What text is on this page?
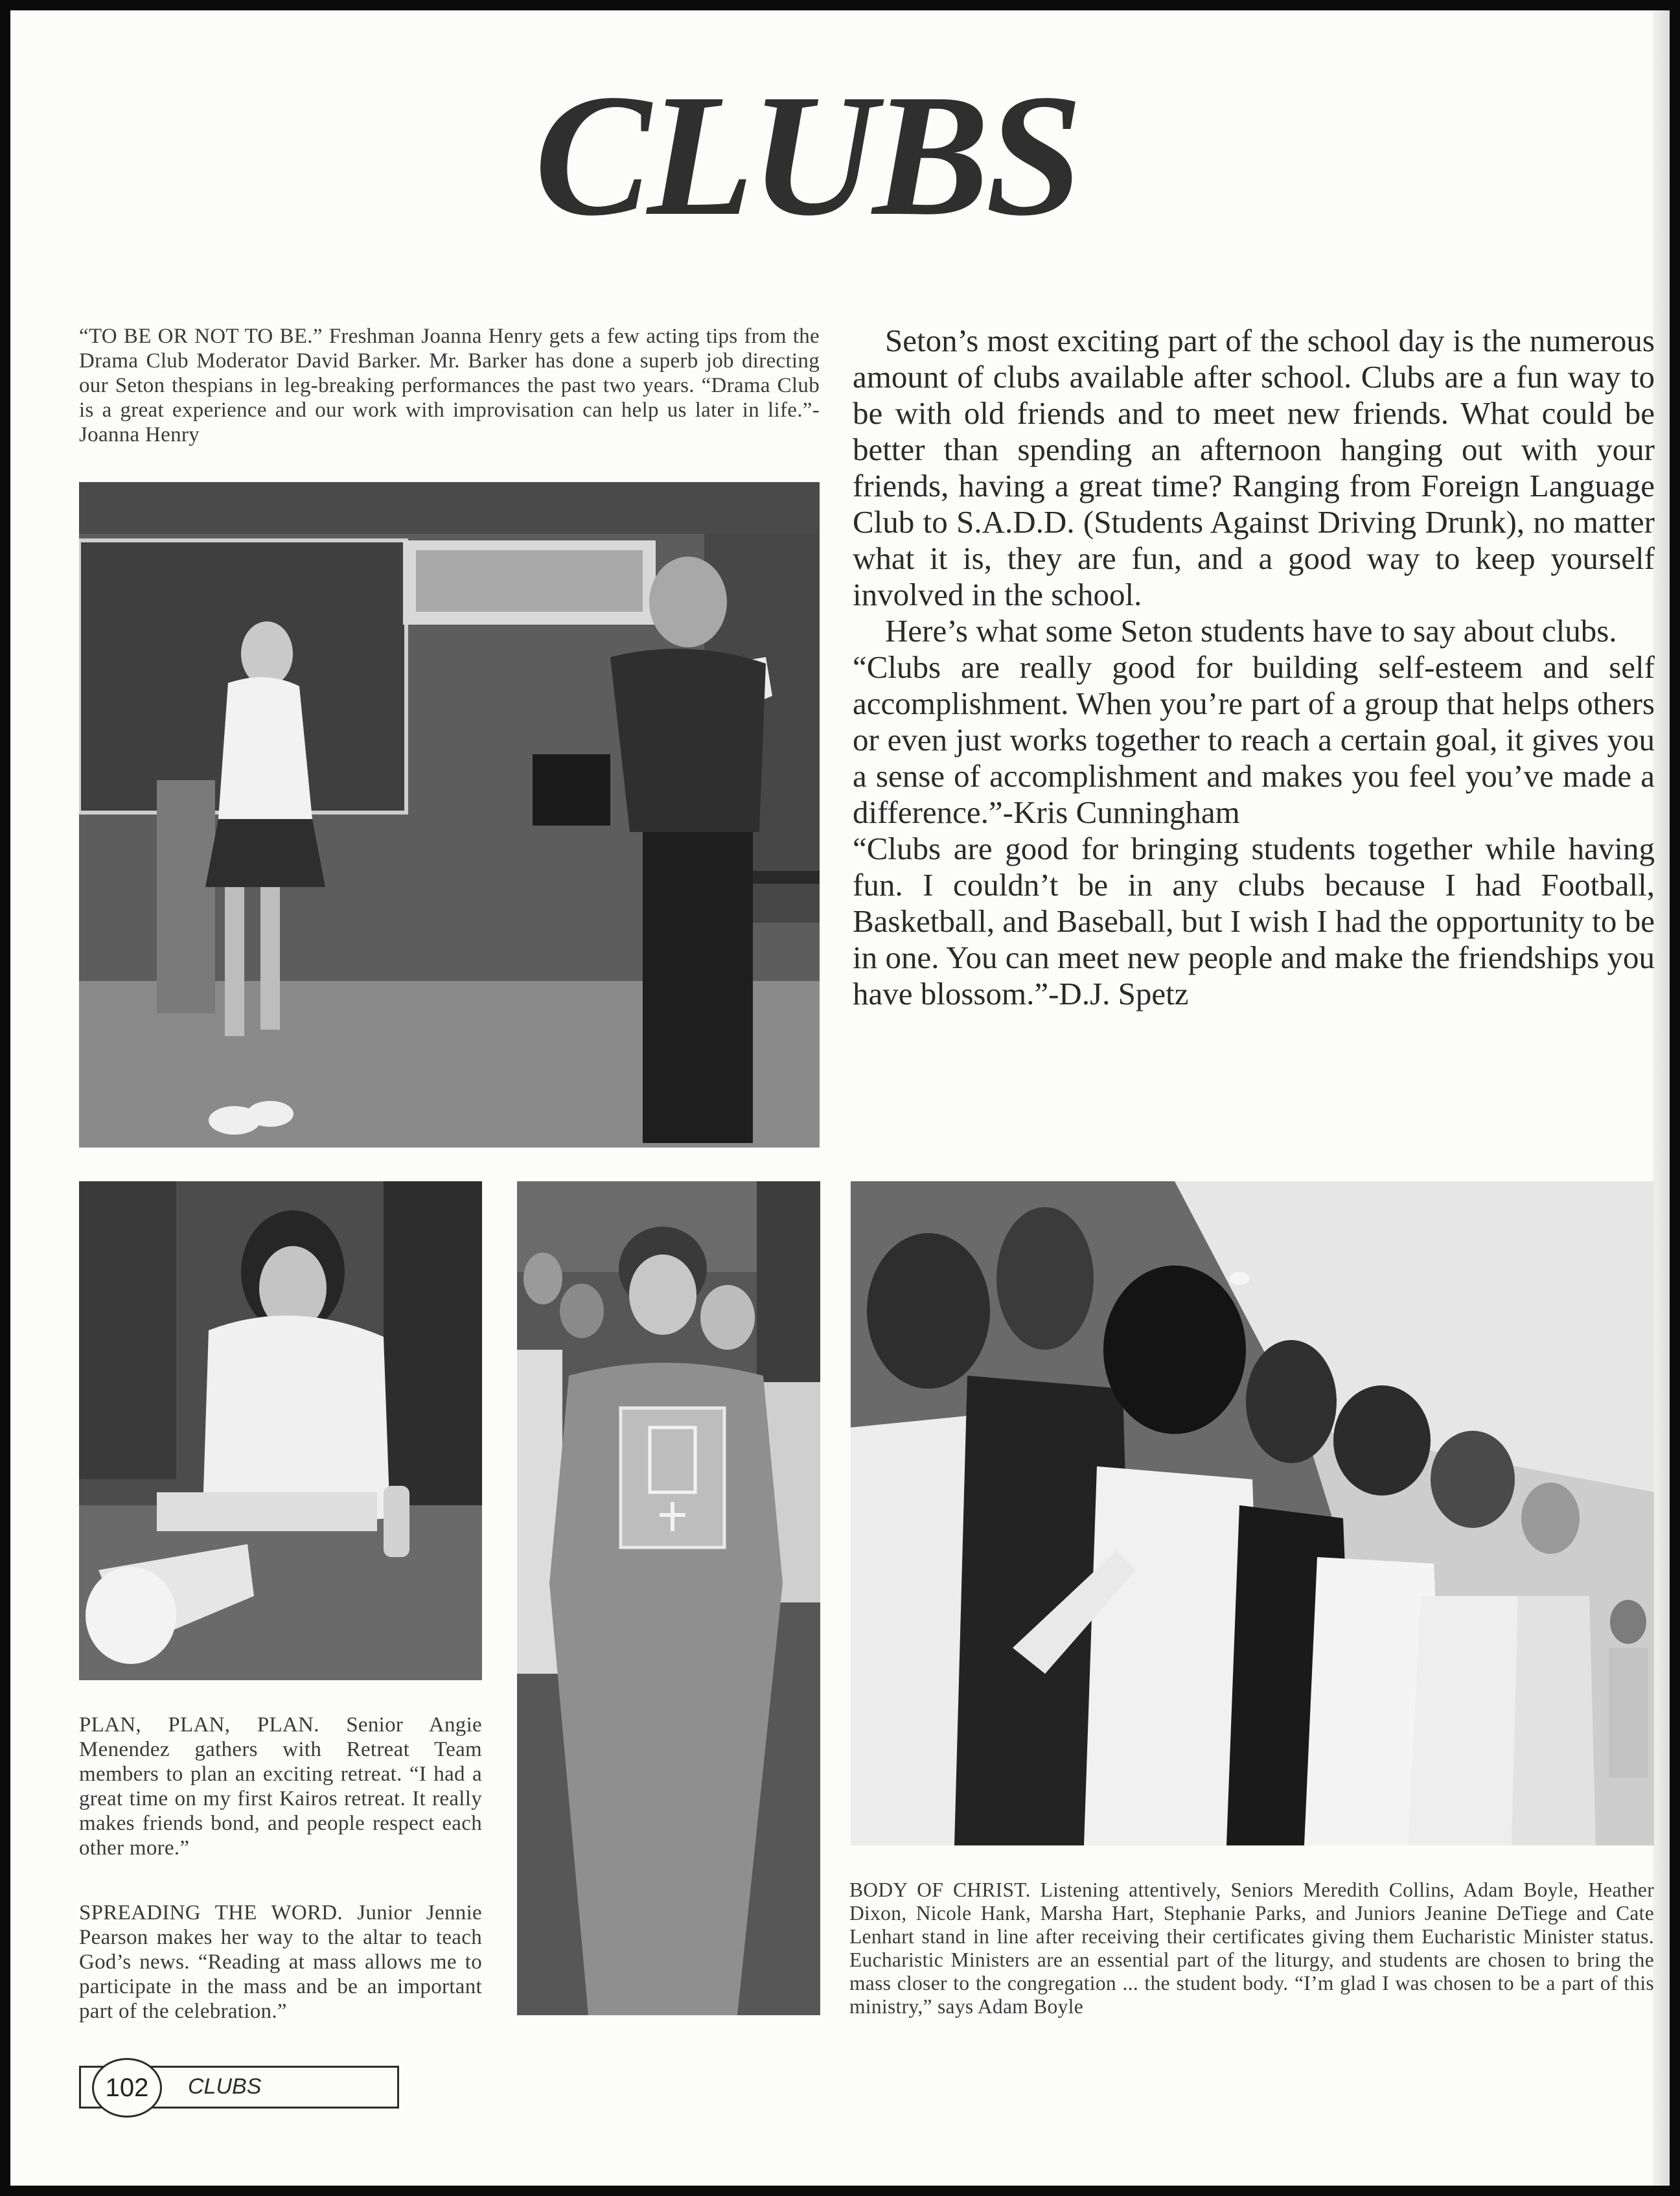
CLUBS
“TO BE OR NOT TO BE.” Freshman Joanna Henry gets a few acting tips from the Drama Club Moderator David Barker. Mr. Barker has done a superb job directing our Seton thespians in leg-breaking performances the past two years. “Drama Club is a great experience and our work with improvisation can help us later in life.”-Joanna Henry

Seton’s most exciting part of the school day is the numerous amount of clubs available after school. Clubs are a fun way to be with old friends and to meet new friends. What could be better than spending an afternoon hanging out with your friends, having a great time? Ranging from Foreign Language Club to S.A.D.D. (Students Against Driving Drunk), no matter what it is, they are fun, and a good way to keep yourself involved in the school.

Here’s what some Seton students have to say about clubs.

“Clubs are really good for building self-esteem and self accomplishment. When you’re part of a group that helps others or even just works together to reach a certain goal, it gives you a sense of accomplishment and makes you feel you’ve made a difference.”-Kris Cunningham

“Clubs are good for bringing students together while having fun. I couldn’t be in any clubs because I had Football, Basketball, and Baseball, but I wish I had the opportunity to be in one. You can meet new people and make the friendships you have blossom.”-D.J. Spetz

PLAN, PLAN, PLAN. Senior Angie Menendez gathers with Retreat Team members to plan an exciting retreat. “I had a great time on my first Kairos retreat. It really makes friends bond, and people respect each other more.”
SPREADING THE WORD. Junior Jennie Pearson makes her way to the altar to teach God’s news. “Reading at mass allows me to participate in the mass and be an important part of the celebration.”
BODY OF CHRIST. Listening attentively, Seniors Meredith Collins, Adam Boyle, Heather Dixon, Nicole Hank, Marsha Hart, Stephanie Parks, and Juniors Jeanine DeTiege and Cate Lenhart stand in line after receiving their certificates giving them Eucharistic Minister status. Eucharistic Ministers are an essential part of the liturgy, and students are chosen to bring the mass closer to the congregation ... the student body. “I’m glad I was chosen to be a part of this ministry,” says Adam Boyle
102	CLUBS
